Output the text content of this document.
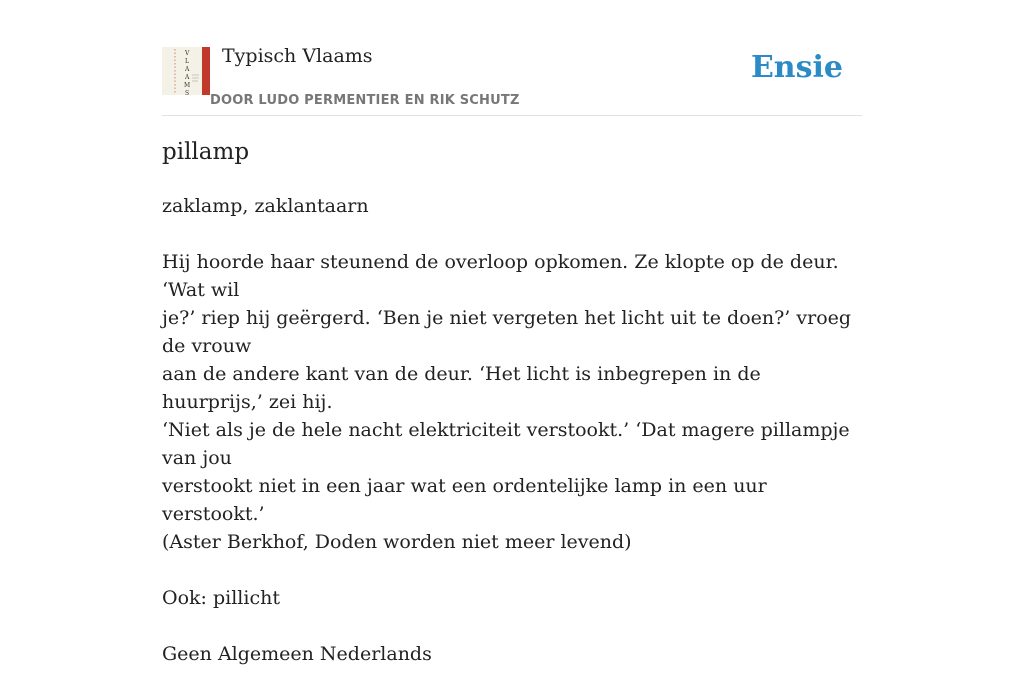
V
L
A
A
M
S
Typisch Vlaams	Ensie
DOOR LUDO PERMENTIER EN RIK SCHUTZ
pillamp

zaklamp, zaklantaarn

Hij hoorde haar steunend de overloop opkomen. Ze klopte op de deur. ‘Wat wil
je?’ riep hij geërgerd. ‘Ben je niet vergeten het licht uit te doen?’ vroeg de vrouw
aan de andere kant van de deur. ‘Het licht is inbegrepen in de huurprijs,’ zei hij.
‘Niet als je de hele nacht elektriciteit verstookt.’ ‘Dat magere pillampje van jou
verstookt niet in een jaar wat een ordentelijke lamp in een uur verstookt.’
(Aster Berkhof, Doden worden niet meer levend)

Ook: pillicht

Geen Algemeen Nederlands
